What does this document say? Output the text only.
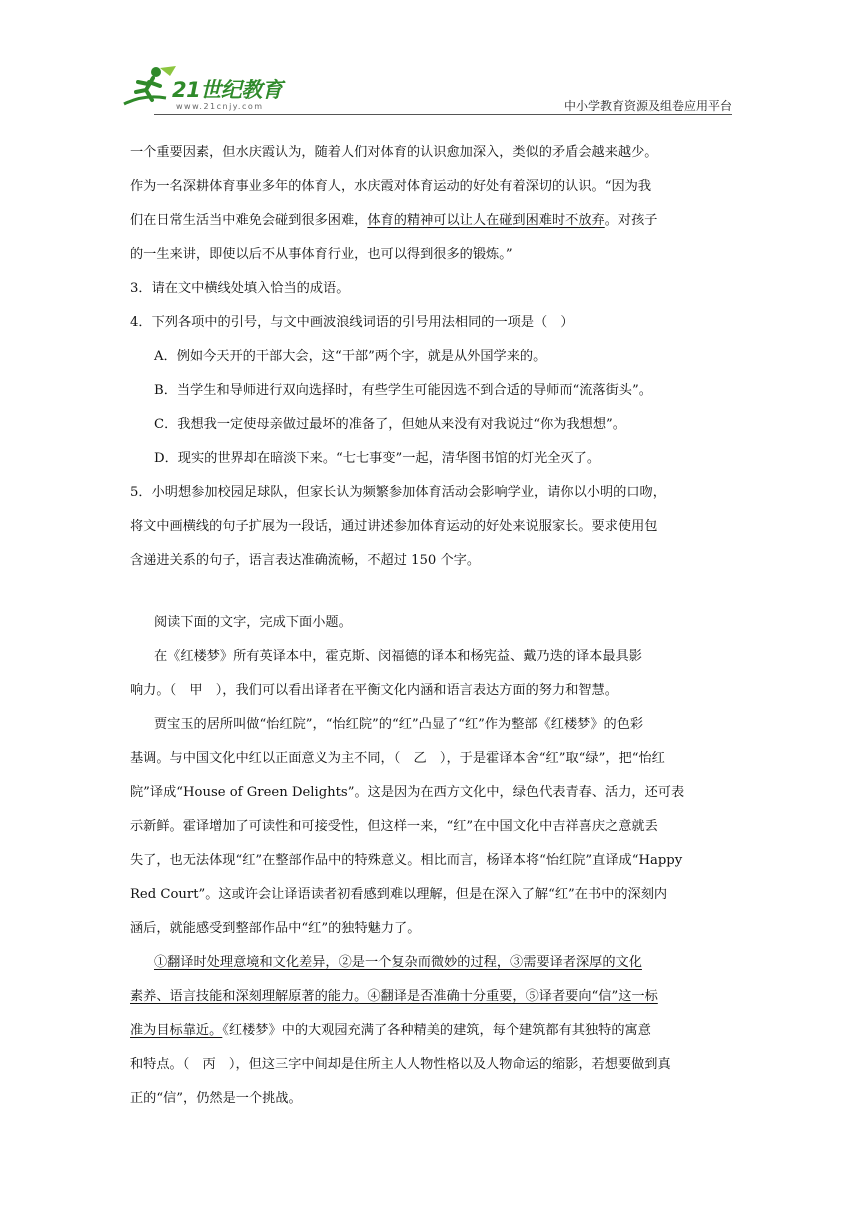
21世纪教育
www.21cnjy.com	中小学教育资源及组卷应用平台

一个重要因素，但水庆霞认为，随着人们对体育的认识愈加深入，类似的矛盾会越来越少。

作为一名深耕体育事业多年的体育人，水庆霞对体育运动的好处有着深切的认识。“因为我

们在日常生活当中难免会碰到很多困难，体育的精神可以让人在碰到困难时不放弃。对孩子

的一生来讲，即使以后不从事体育行业，也可以得到很多的锻炼。”

3．请在文中横线处填入恰当的成语。

4．下列各项中的引号，与文中画波浪线词语的引号用法相同的一项是（　）

A．例如今天开的干部大会，这“干部”两个字，就是从外国学来的。

B．当学生和导师进行双向选择时，有些学生可能因选不到合适的导师而“流落街头”。

C．我想我一定使母亲做过最坏的准备了，但她从来没有对我说过“你为我想想”。

D．现实的世界却在暗淡下来。“七七事变”一起，清华图书馆的灯光全灭了。

5．小明想参加校园足球队，但家长认为频繁参加体育活动会影响学业，请你以小明的口吻，

将文中画横线的句子扩展为一段话，通过讲述参加体育运动的好处来说服家长。要求使用包

含递进关系的句子，语言表达准确流畅，不超过 150 个字。

阅读下面的文字，完成下面小题。

在《红楼梦》所有英译本中，霍克斯、闵福德的译本和杨宪益、戴乃迭的译本最具影

响力。（　甲　），我们可以看出译者在平衡文化内涵和语言表达方面的努力和智慧。

贾宝玉的居所叫做“怡红院”，“怡红院”的“红”凸显了“红”作为整部《红楼梦》的色彩

基调。与中国文化中红以正面意义为主不同，（　乙　），于是霍译本舍“红”取“绿”，把“怡红

院”译成“House of Green Delights”。这是因为在西方文化中，绿色代表青春、活力，还可表

示新鲜。霍译增加了可读性和可接受性，但这样一来，“红”在中国文化中吉祥喜庆之意就丢

失了，也无法体现“红”在整部作品中的特殊意义。相比而言，杨译本将“怡红院”直译成“Happy

Red Court”。这或许会让译语读者初看感到难以理解，但是在深入了解“红”在书中的深刻内

涵后，就能感受到整部作品中“红”的独特魅力了。

①翻译时处理意境和文化差异，②是一个复杂而微妙的过程，③需要译者深厚的文化

素养、语言技能和深刻理解原著的能力。④翻译是否准确十分重要，⑤译者要向“信”这一标

准为目标靠近。《红楼梦》中的大观园充满了各种精美的建筑，每个建筑都有其独特的寓意

和特点。（　丙　），但这三字中间却是住所主人人物性格以及人物命运的缩影，若想要做到真

正的“信”，仍然是一个挑战。
